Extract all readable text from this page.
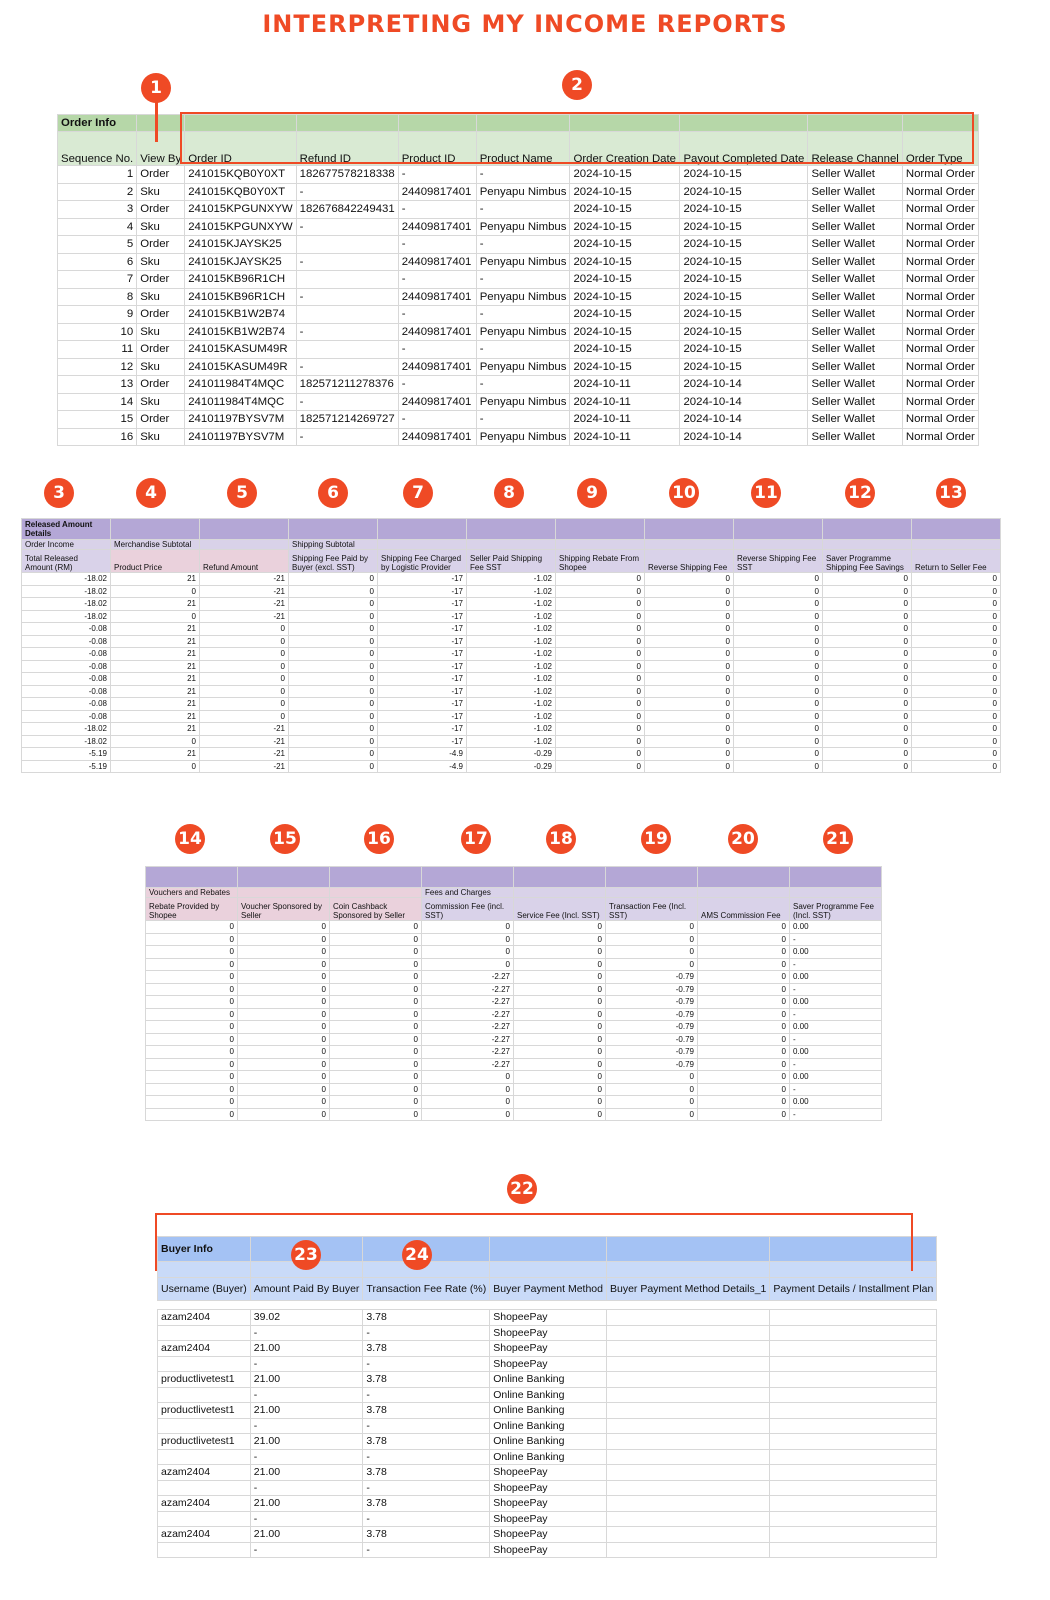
INTERPRETING MY INCOME REPORTS
Order Info									
Sequence No.	View By	Order ID	Refund ID	Product ID	Product Name	Order Creation Date	Payout Completed Date	Release Channel	Order Type
1	Order	241015KQB0Y0XT	182677578218338	-	-	2024-10-15	2024-10-15	Seller Wallet	Normal Order
2	Sku	241015KQB0Y0XT	-	24409817401	Penyapu Nimbus	2024-10-15	2024-10-15	Seller Wallet	Normal Order
3	Order	241015KPGUNXYW	182676842249431	-	-	2024-10-15	2024-10-15	Seller Wallet	Normal Order
4	Sku	241015KPGUNXYW	-	24409817401	Penyapu Nimbus	2024-10-15	2024-10-15	Seller Wallet	Normal Order
5	Order	241015KJAYSK25		-	-	2024-10-15	2024-10-15	Seller Wallet	Normal Order
6	Sku	241015KJAYSK25	-	24409817401	Penyapu Nimbus	2024-10-15	2024-10-15	Seller Wallet	Normal Order
7	Order	241015KB96R1CH		-	-	2024-10-15	2024-10-15	Seller Wallet	Normal Order
8	Sku	241015KB96R1CH	-	24409817401	Penyapu Nimbus	2024-10-15	2024-10-15	Seller Wallet	Normal Order
9	Order	241015KB1W2B74		-	-	2024-10-15	2024-10-15	Seller Wallet	Normal Order
10	Sku	241015KB1W2B74	-	24409817401	Penyapu Nimbus	2024-10-15	2024-10-15	Seller Wallet	Normal Order
11	Order	241015KASUM49R		-	-	2024-10-15	2024-10-15	Seller Wallet	Normal Order
12	Sku	241015KASUM49R	-	24409817401	Penyapu Nimbus	2024-10-15	2024-10-15	Seller Wallet	Normal Order
13	Order	241011984T4MQC	182571211278376	-	-	2024-10-11	2024-10-14	Seller Wallet	Normal Order
14	Sku	241011984T4MQC	-	24409817401	Penyapu Nimbus	2024-10-11	2024-10-14	Seller Wallet	Normal Order
15	Order	24101197BYSV7M	182571214269727	-	-	2024-10-11	2024-10-14	Seller Wallet	Normal Order
16	Sku	24101197BYSV7M	-	24409817401	Penyapu Nimbus	2024-10-11	2024-10-14	Seller Wallet	Normal Order
Released Amount Details										
Order Income	Merchandise Subtotal		Shipping Subtotal							
Total Released Amount (RM)	Product Price	Refund Amount	Shipping Fee Paid by Buyer (excl. SST)	Shipping Fee Charged by Logistic Provider	Seller Paid Shipping Fee SST	Shipping Rebate From Shopee	Reverse Shipping Fee	Reverse Shipping Fee SST	Saver Programme Shipping Fee Savings	Return to Seller Fee
-18.02	21	-21	0	-17	-1.02	0	0	0	0	0
-18.02	0	-21	0	-17	-1.02	0	0	0	0	0
-18.02	21	-21	0	-17	-1.02	0	0	0	0	0
-18.02	0	-21	0	-17	-1.02	0	0	0	0	0
-0.08	21	0	0	-17	-1.02	0	0	0	0	0
-0.08	21	0	0	-17	-1.02	0	0	0	0	0
-0.08	21	0	0	-17	-1.02	0	0	0	0	0
-0.08	21	0	0	-17	-1.02	0	0	0	0	0
-0.08	21	0	0	-17	-1.02	0	0	0	0	0
-0.08	21	0	0	-17	-1.02	0	0	0	0	0
-0.08	21	0	0	-17	-1.02	0	0	0	0	0
-0.08	21	0	0	-17	-1.02	0	0	0	0	0
-18.02	21	-21	0	-17	-1.02	0	0	0	0	0
-18.02	0	-21	0	-17	-1.02	0	0	0	0	0
-5.19	21	-21	0	-4.9	-0.29	0	0	0	0	0
-5.19	0	-21	0	-4.9	-0.29	0	0	0	0	0

Vouchers and Rebates			Fees and Charges				
Rebate Provided by Shopee	Voucher Sponsored by Seller	Coin Cashback Sponsored by Seller	Commission Fee (incl. SST)	Service Fee (Incl. SST)	Transaction Fee (Incl. SST)	AMS Commission Fee	Saver Programme Fee (Incl. SST)
0	0	0	0	0	0	0	0.00
0	0	0	0	0	0	0	-
0	0	0	0	0	0	0	0.00
0	0	0	0	0	0	0	-
0	0	0	-2.27	0	-0.79	0	0.00
0	0	0	-2.27	0	-0.79	0	-
0	0	0	-2.27	0	-0.79	0	0.00
0	0	0	-2.27	0	-0.79	0	-
0	0	0	-2.27	0	-0.79	0	0.00
0	0	0	-2.27	0	-0.79	0	-
0	0	0	-2.27	0	-0.79	0	0.00
0	0	0	-2.27	0	-0.79	0	-
0	0	0	0	0	0	0	0.00
0	0	0	0	0	0	0	-
0	0	0	0	0	0	0	0.00
0	0	0	0	0	0	0	-
Buyer Info					

Username (Buyer)	Amount Paid By Buyer	Transaction Fee Rate (%)	Buyer Payment Method	Buyer Payment Method Details_1	Payment Details / Installment Plan

azam2404	39.02	3.78	ShopeePay		
	-	-	ShopeePay		
azam2404	21.00	3.78	ShopeePay		
	-	-	ShopeePay		
productlivetest1	21.00	3.78	Online Banking		
	-	-	Online Banking		
productlivetest1	21.00	3.78	Online Banking		
	-	-	Online Banking		
productlivetest1	21.00	3.78	Online Banking		
	-	-	Online Banking		
azam2404	21.00	3.78	ShopeePay		
	-	-	ShopeePay		
azam2404	21.00	3.78	ShopeePay		
	-	-	ShopeePay		
azam2404	21.00	3.78	ShopeePay		
	-	-	ShopeePay		
1	2
3	4	5	6	7	8	9	10	11	12	13
14	15	16	17	18	19	20	21
22
23	24
